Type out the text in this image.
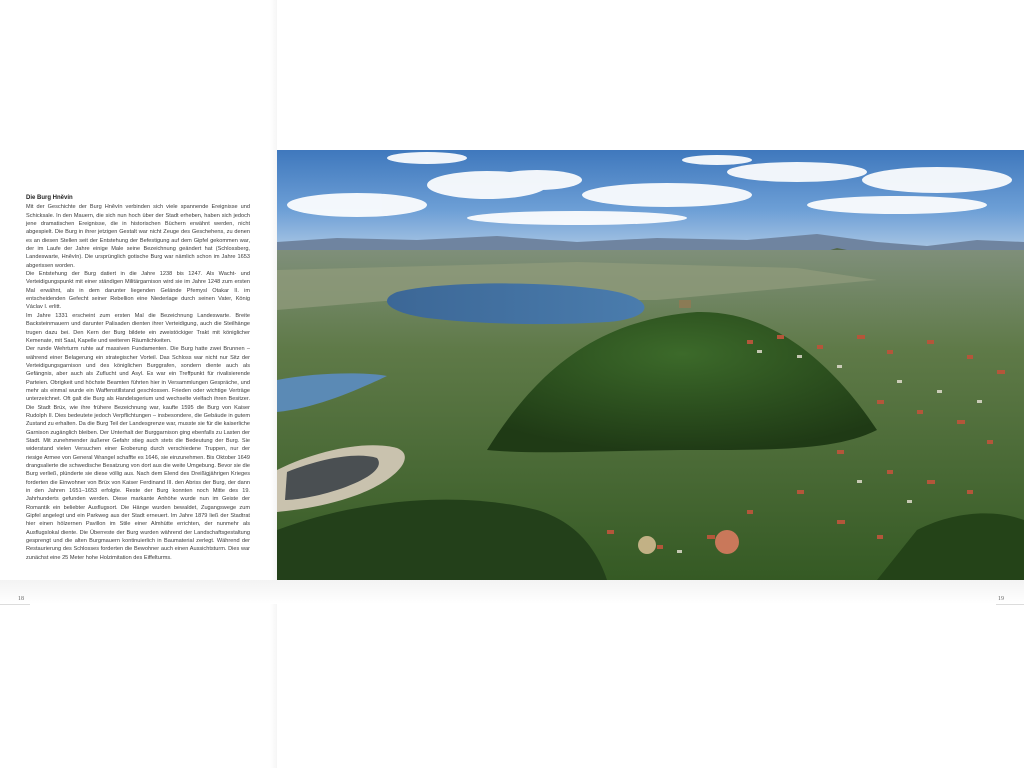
Die Burg Hněvín

Mit der Geschichte der Burg Hněvín verbinden sich viele spannende Ereignisse und Schicksale. In den Mauern, die sich nun hoch über der Stadt erheben, haben sich jedoch jene dramatischen Ereignisse, die in historischen Büchern erwähnt werden, nicht abgespielt. Die Burg in ihrer jetzigen Gestalt war nicht Zeuge des Geschehens, zu denen es an diesen Stellen seit der Entstehung der Befestigung auf dem Gipfel gekommen war, der im Laufe der Jahre einige Male seine Bezeichnung geändert hat (Schlossberg, Landeswarte, Hněvín). Die ursprünglich gotische Burg war nämlich schon im Jahre 1653 abgerissen worden.

Die Entstehung der Burg datiert in die Jahre 1238 bis 1247. Als Wacht- und Verteidigungspunkt mit einer ständigen Militärgarnison wird sie im Jahre 1248 zum ersten Mal erwähnt, als in dem darunter liegenden Gelände Přemysl Otakar II. im entscheidenden Gefecht seiner Rebellion eine Niederlage durch seinen Vater, König Václav I. erlitt.

Im Jahre 1331 erscheint zum ersten Mal die Bezeichnung Landeswarte. Breite Backsteinmauern und darunter Palisaden dienten ihrer Verteidigung, auch die Steilhänge trugen dazu bei. Den Kern der Burg bildete ein zweistöckiger Trakt mit königlicher Kemenate, mit Saal, Kapelle und weiteren Räumlichkeiten.

Der runde Wehrturm ruhte auf massiven Fundamenten. Die Burg hatte zwei Brunnen – während einer Belagerung ein strategischer Vorteil. Das Schloss war nicht nur Sitz der Verteidigungsgarnison und des königlichen Burggrafen, sondern diente auch als Gefängnis, aber auch als Zuflucht und Asyl. Es war ein Treffpunkt für rivalisierende Parteien. Obrigkeit und höchste Beamten führten hier in Versammlungen Gespräche, und mehr als einmal wurde ein Waffenstillstand geschlossen. Frieden oder wichtige Verträge unterzeichnet. Oft galt die Burg als Handelsgerium und wechselte vielfach ihren Besitzer. Die Stadt Brüx, wie ihre frühere Bezeichnung war, kaufte 1595 die Burg von Kaiser Rudolph II. Dies bedeutete jedoch Verpflichtungen – insbesondere, die Gebäude in gutem Zustand zu erhalten. Da die Burg Teil der Landesgrenze war, musste sie für die kaiserliche Garnison zugänglich bleiben. Der Unterhalt der Burggarnison ging ebenfalls zu Lasten der Stadt. Mit zunehmender äußerer Gefahr stieg auch stets die Bedeutung der Burg. Sie widerstand vielen Versuchen einer Eroberung durch verschiedene Truppen, nur der riesige Armee von General Wrangel schaffte es 1646, sie einzunehmen. Bis Oktober 1649 drangsalierte die schwedische Besatzung von dort aus die weite Umgebung. Bevor sie die Burg verließ, plünderte sie diese völlig aus. Nach dem Elend des Dreißigjährigen Krieges forderten die Einwohner von Brüx von Kaiser Ferdinand III. den Abriss der Burg, der dann in den Jahren 1651–1653 erfolgte. Reste der Burg konnten noch Mitte des 19. Jahrhunderts gefunden werden. Diese markante Anhöhe wurde nun im Geiste der Romantik ein beliebter Ausflugsort. Die Hänge wurden bewaldet, Zugangswege zum Gipfel angelegt und ein Parkweg aus der Stadt erneuert. Im Jahre 1879 ließ der Stadtrat hier einen hölzernen Pavillon im Stile einer Almhütte errichten, der nunmehr als Ausflugslokal diente. Die Überreste der Burg wurden während der Landschaftsgestaltung gesprengt und die alten Burgmauern kontinuierlich in Baumaterial zerlegt. Während der Restaurierung des Schlosses forderten die Bewohner auch einen Aussichtsturm. Dies war zunächst eine 25 Meter hohe Holzimitation des Eiffelturms.

18	19
